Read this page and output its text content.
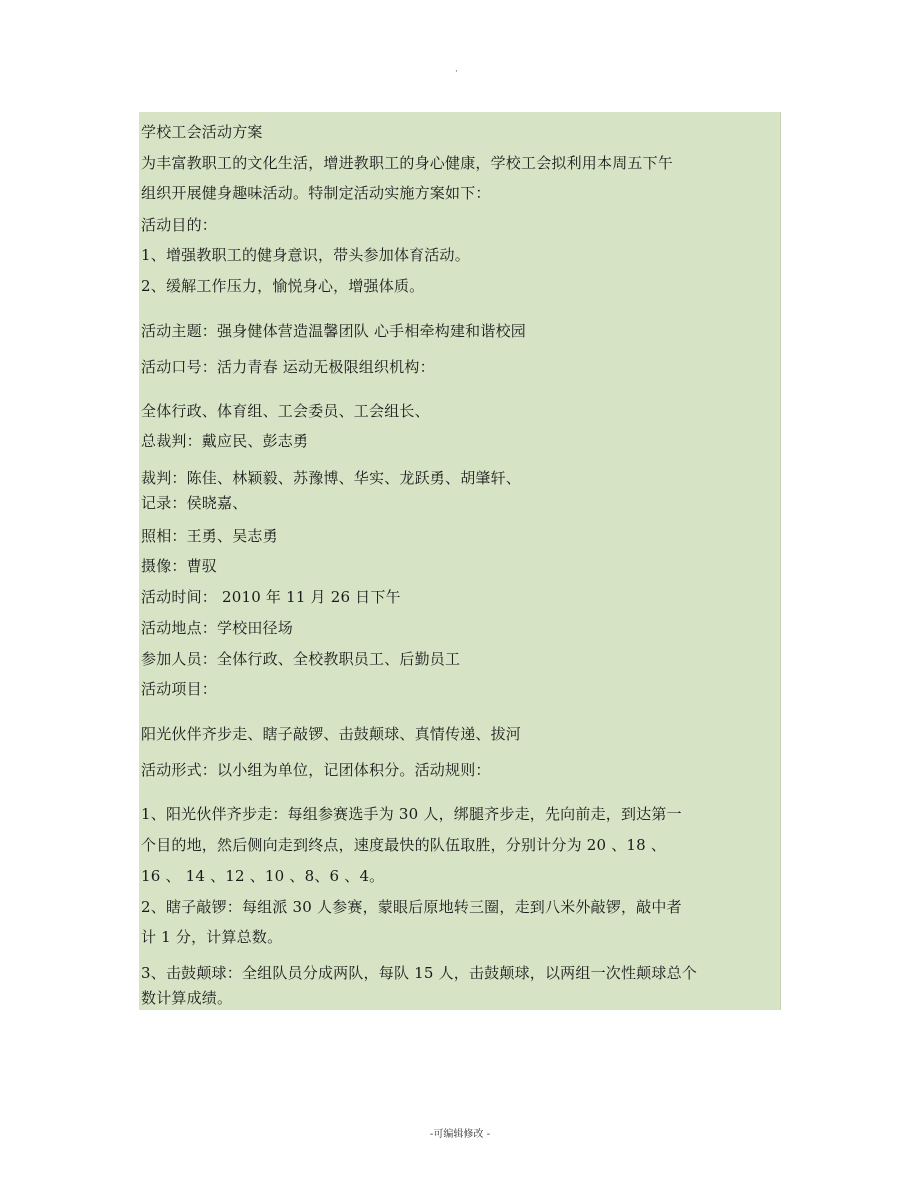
·
学校工会活动方案
为丰富教职工的文化生活，增进教职工的身心健康，学校工会拟利用本周五下午
组织开展健身趣味活动。特制定活动实施方案如下：
活动目的：
1、增强教职工的健身意识，带头参加体育活动。
2、缓解工作压力，愉悦身心，增强体质。
活动主题：强身健体营造温馨团队 心手相牵构建和谐校园
活动口号：活力青春 运动无极限组织机构：
全体行政、体育组、工会委员、工会组长、
总裁判：戴应民、彭志勇
裁判：陈佳、林颖毅、苏豫博、华实、龙跃勇、胡肇轩、
记录：侯晓嘉、
照相：王勇、吴志勇
摄像：曹驭
活动时间： 2010 年 11 月 26 日下午
活动地点：学校田径场
参加人员：全体行政、全校教职员工、后勤员工
活动项目：
阳光伙伴齐步走、瞎子敲锣、击鼓颠球、真情传递、拔河
活动形式：以小组为单位，记团体积分。活动规则：
1、阳光伙伴齐步走：每组参赛选手为 30 人，绑腿齐步走，先向前走，到达第一
个目的地，然后侧向走到终点，速度最快的队伍取胜，分别计分为 20 、18 、
16 、 14 、12 、10 、8、6 、4。
2、瞎子敲锣：每组派 30 人参赛，蒙眼后原地转三圈，走到八米外敲锣，敲中者
计 1 分，计算总数。
3、击鼓颠球：全组队员分成两队，每队 15 人，击鼓颠球，以两组一次性颠球总个
数计算成绩。
-可编辑修改 -
